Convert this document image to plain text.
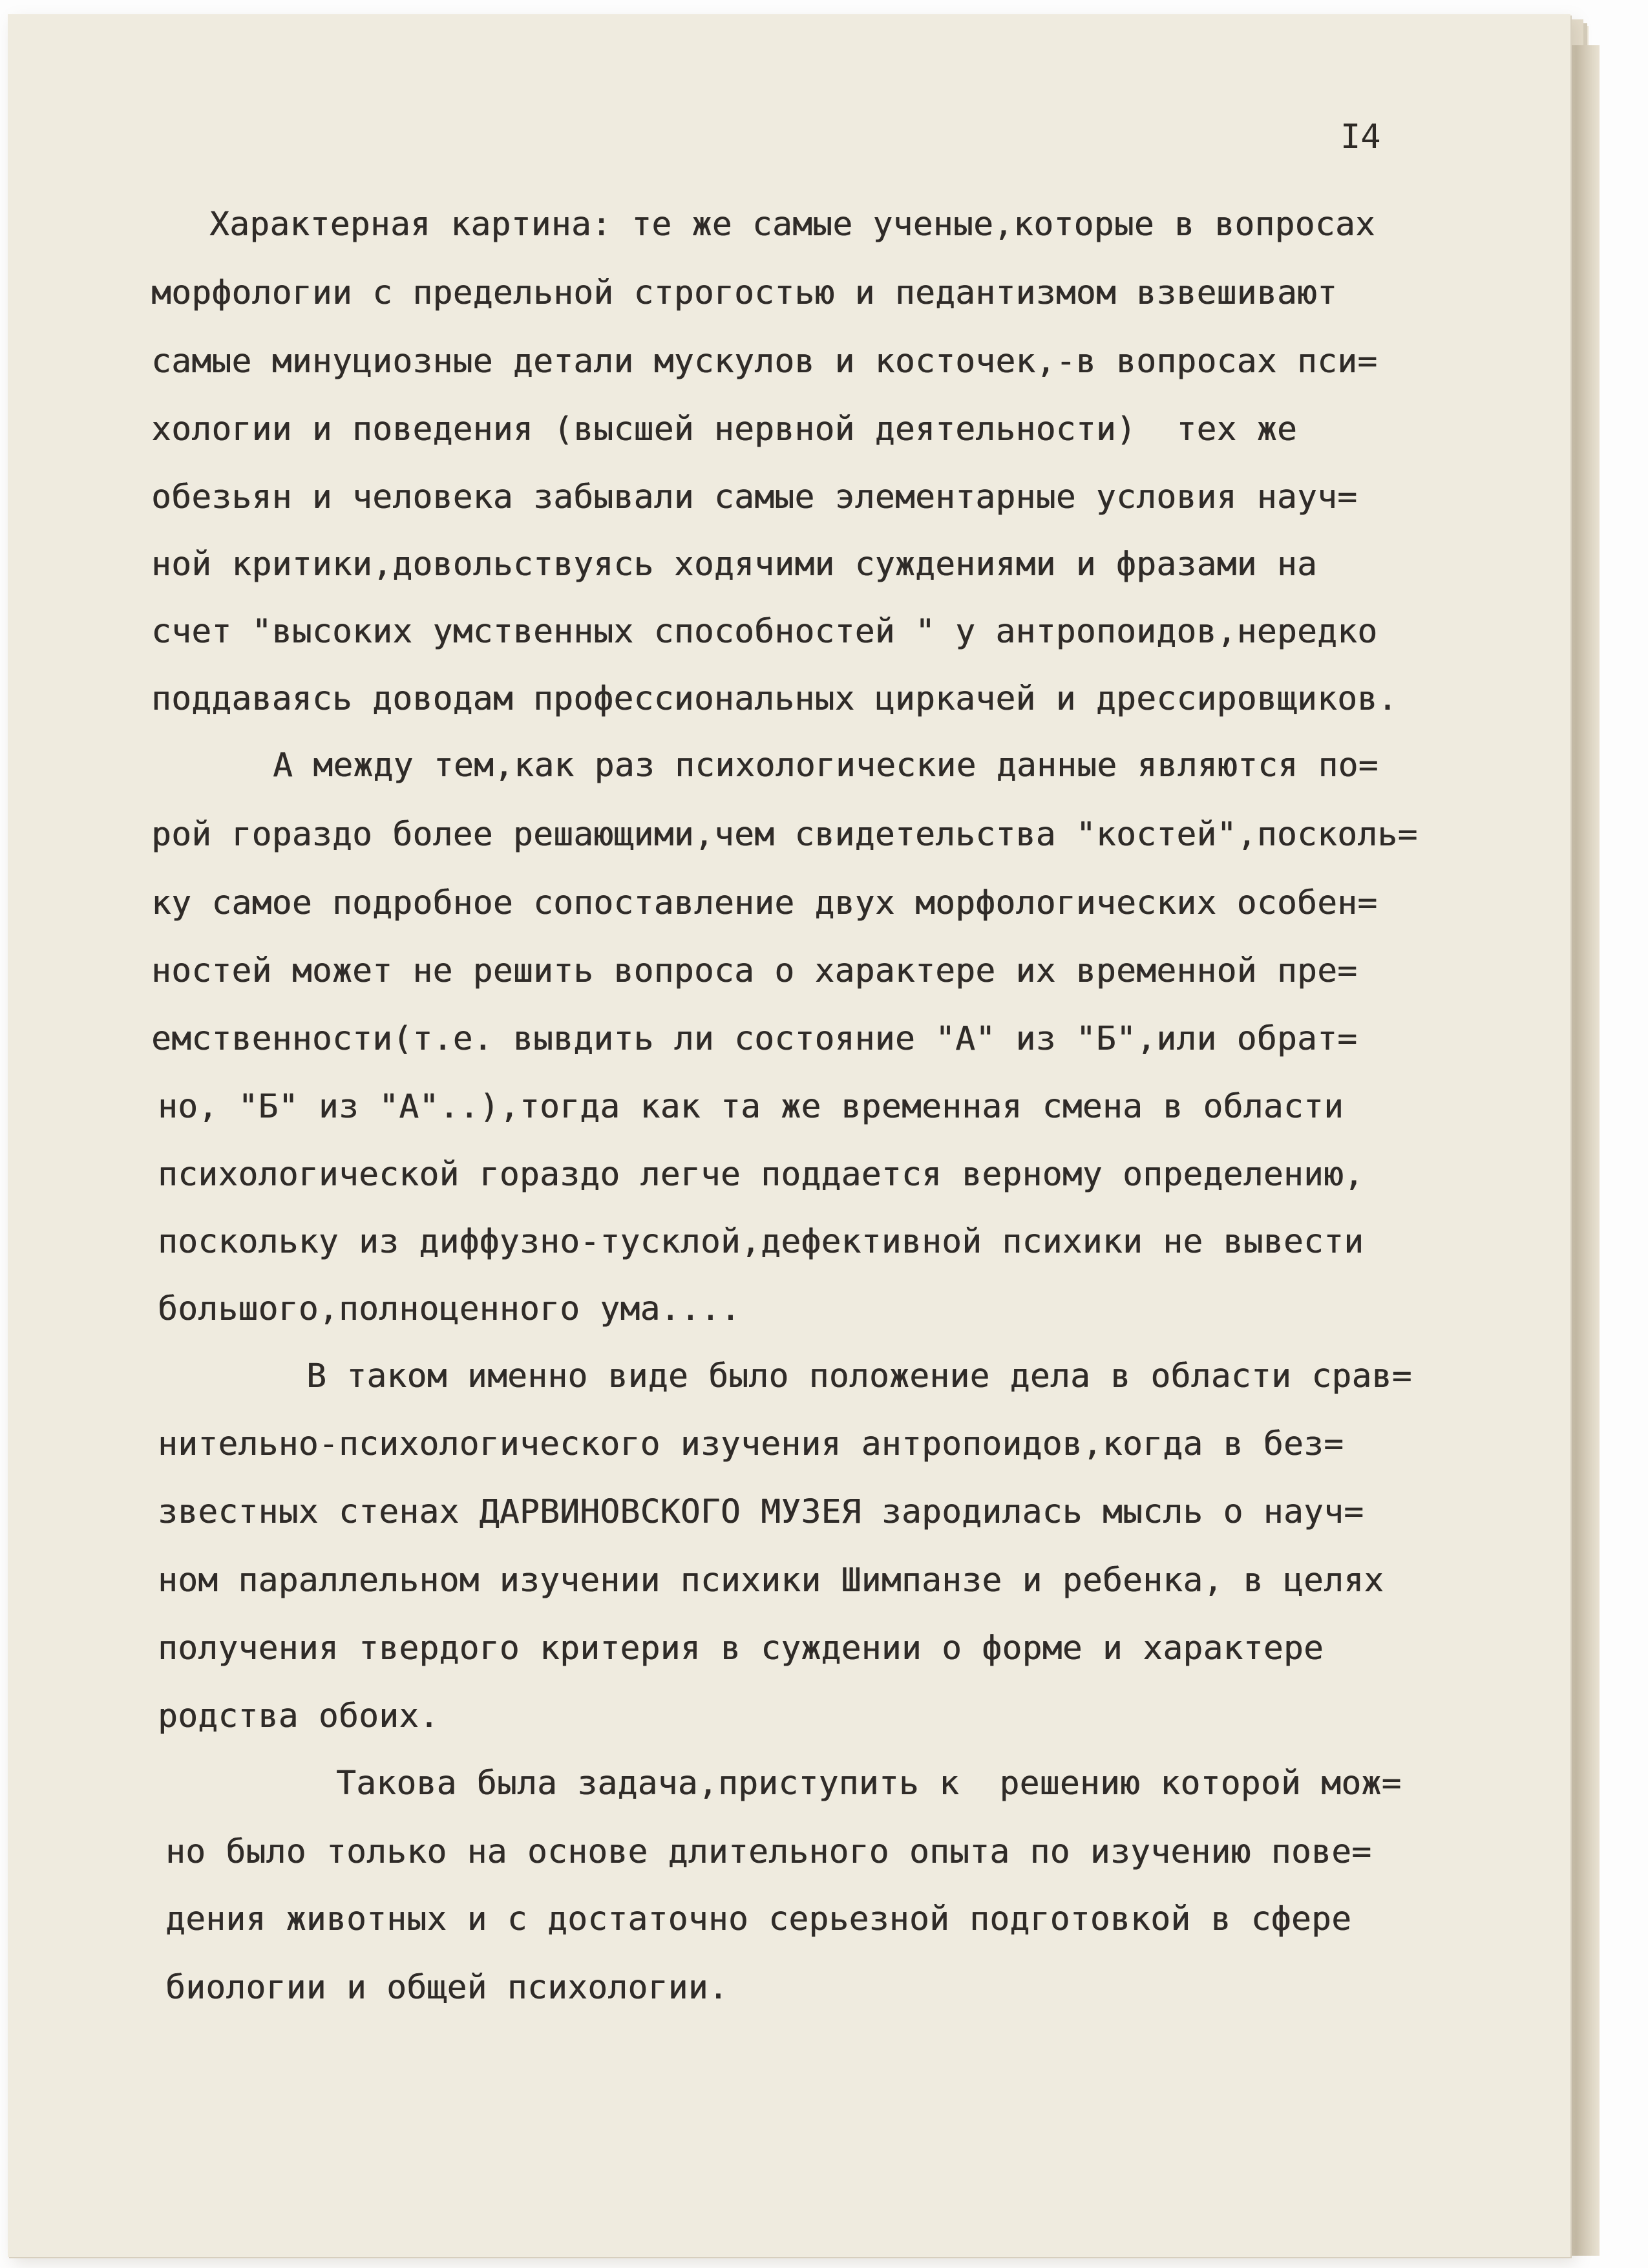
I4

Характерная картина: те же самые ученые,которые в вопросах

морфологии с предельной строгостью и педантизмом взвешивают

самые минуциозные детали мускулов и косточек,-в вопросах пси=

хологии и поведения (высшей нервной деятельности)  тех же

обезьян и человека забывали самые элементарные условия науч=

ной критики,довольствуясь ходячими суждениями и фразами на

счет "высоких умственных способностей " у антропоидов,нередко

поддаваясь доводам профессиональных циркачей и дрессировщиков.

А между тем,как раз психологические данные являются по=

рой гораздо более решающими,чем свидетельства "костей",посколь=

ку самое подробное сопоставление двух морфологических особен=

ностей может не решить вопроса о характере их временной пре=

емственности(т.е. вывдить ли состояние "А" из "Б",или обрат=

но, "Б" из "А"..),тогда как та же временная смена в области

психологической гораздо легче поддается верному определению,

поскольку из диффузно-тусклой,дефективной психики не вывести

большого,полноценного ума....

В таком именно виде было положение дела в области срав=

нительно-психологического изучения антропоидов,когда в без=

звестных стенах ДАРВИНОВСКОГО МУЗЕЯ зародилась мысль о науч=

ном параллельном изучении психики Шимпанзе и ребенка, в целях

получения твердого критерия в суждении о форме и характере

родства обоих.

Такова была задача,приступить к  решению которой мож=

но было только на основе длительного опыта по изучению пове=

дения животных и с достаточно серьезной подготовкой в сфере

биологии и общей психологии.
